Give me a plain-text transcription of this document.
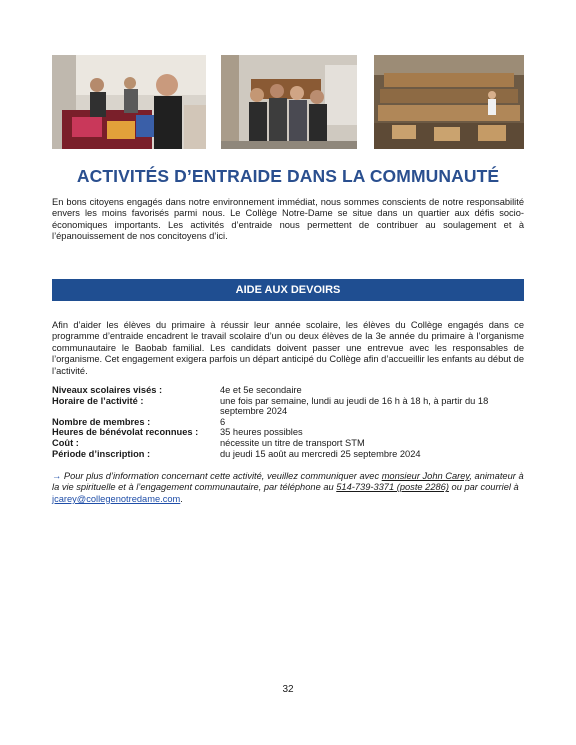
ACTIVITÉS D’ENTRAIDE DANS LA COMMUNAUTÉ
En bons citoyens engagés dans notre environnement immédiat, nous sommes conscients de notre responsabilité envers les moins favorisés parmi nous. Le Collège Notre-Dame se situe dans un quartier aux défis socio-économiques importants. Les activités d’entraide nous permettent de contribuer au soulagement et à l’épanouissement de nos concitoyens d’ici.
AIDE AUX DEVOIRS
Afin d’aider les élèves du primaire à réussir leur année scolaire, les élèves du Collège engagés dans ce programme d’entraide encadrent le travail scolaire d’un ou deux élèves de la 3e année du primaire à l’organisme communautaire le Baobab familial. Les candidats doivent passer une entrevue avec les responsables de l’organisme. Cet engagement exigera parfois un départ anticipé du Collège afin d’accueillir les enfants au début de l’activité.
Niveaux scolaires visés :	4e et 5e secondaire
Horaire de l’activité :	une fois par semaine, lundi au jeudi de 16 h à 18 h, à partir du 18 septembre 2024
Nombre de membres :	6
Heures de bénévolat reconnues :	35 heures possibles
Coût :	nécessite un titre de transport STM
Période d’inscription :	du jeudi 15 août au mercredi 25 septembre 2024
→ Pour plus d’information concernant cette activité, veuillez communiquer avec monsieur John Carey, animateur à la vie spirituelle et à l’engagement communautaire, par téléphone au 514-739-3371 (poste 2286) ou par courriel à jcarey@collegenotredame.com.
32
